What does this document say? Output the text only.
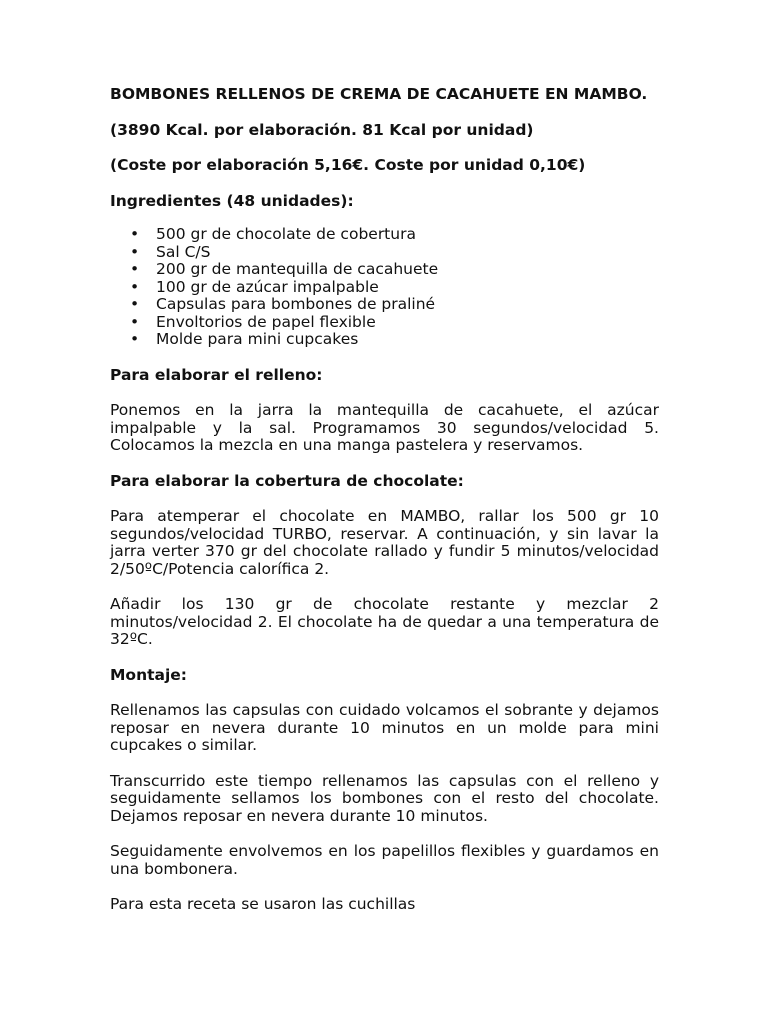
BOMBONES RELLENOS DE CREMA DE CACAHUETE EN MAMBO.
(3890 Kcal. por elaboración. 81 Kcal por unidad)
(Coste por elaboración 5,16€. Coste por unidad 0,10€)
Ingredientes (48 unidades):
• 500 gr de chocolate de cobertura
• Sal C/S
• 200 gr de mantequilla de cacahuete
• 100 gr de azúcar impalpable
• Capsulas para bombones de praliné
• Envoltorios de papel flexible
• Molde para mini cupcakes
Para elaborar el relleno:

Ponemos en la jarra la mantequilla de cacahuete, el azúcar impalpable y la sal. Programamos 30 segundos/velocidad 5. Colocamos la mezcla en una manga pastelera y reservamos.

Para elaborar la cobertura de chocolate:

Para atemperar el chocolate en MAMBO, rallar los 500 gr 10 segundos/velocidad TURBO, reservar. A continuación, y sin lavar la jarra verter 370 gr del chocolate rallado y fundir 5 minutos/velocidad 2/50ºC/Potencia calorífica 2.

Añadir los 130 gr de chocolate restante y mezclar 2 minutos/velocidad 2. El chocolate ha de quedar a una temperatura de 32ºC.

Montaje:

Rellenamos las capsulas con cuidado volcamos el sobrante y dejamos reposar en nevera durante 10 minutos en un molde para mini cupcakes o similar.

Transcurrido este tiempo rellenamos las capsulas con el relleno y seguidamente sellamos los bombones con el resto del chocolate. Dejamos reposar en nevera durante 10 minutos.

Seguidamente envolvemos en los papelillos flexibles y guardamos en una bombonera.

Para esta receta se usaron las cuchillas
